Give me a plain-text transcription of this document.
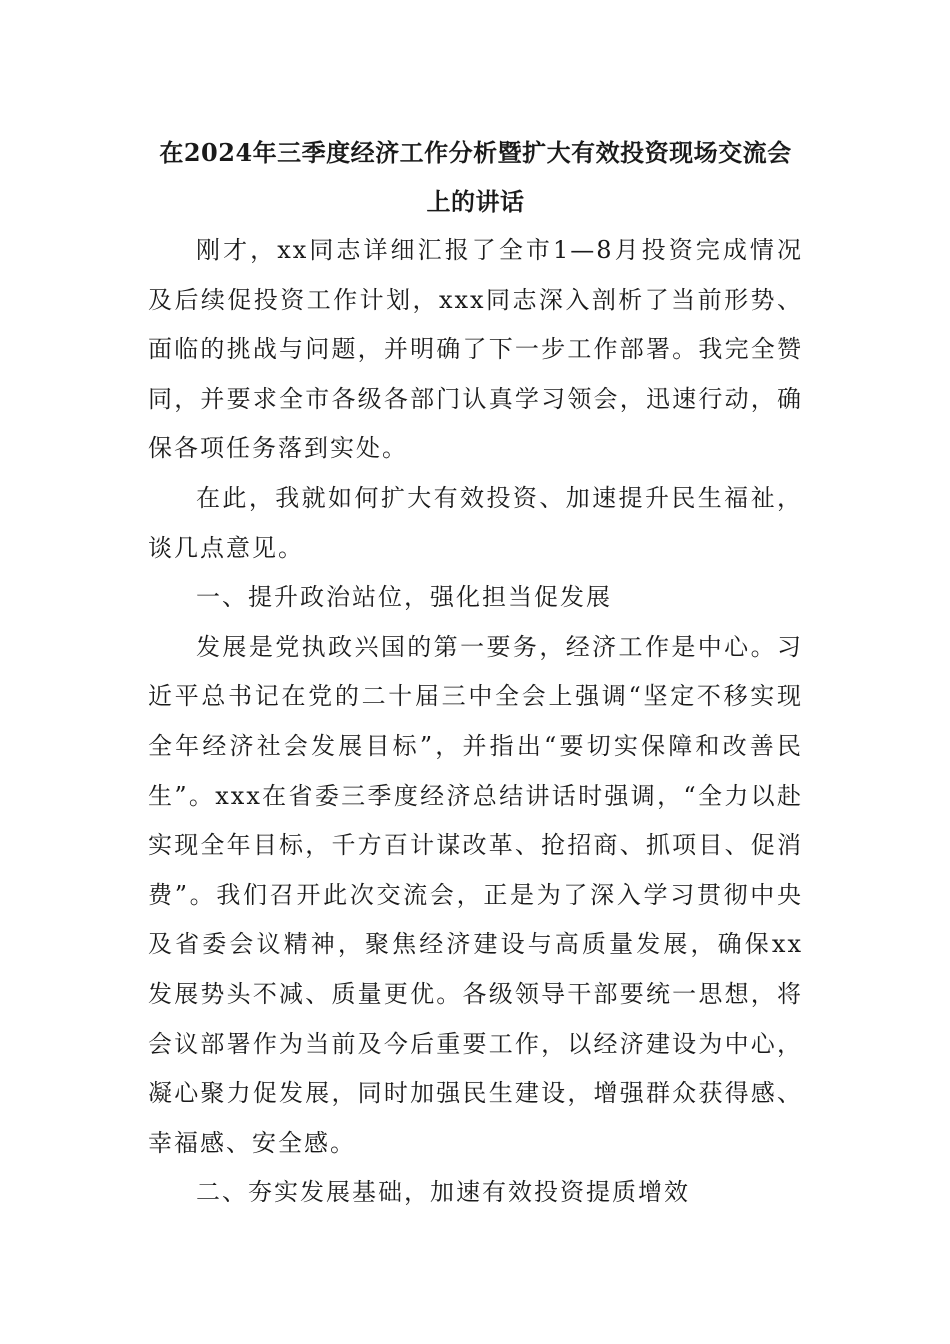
在2024年三季度经济工作分析暨扩大有效投资现场交流会上的讲话

刚才，xx同志详细汇报了全市1—8月投资完成情况及后续促投资工作计划，xxx同志深入剖析了当前形势、面临的挑战与问题，并明确了下一步工作部署。我完全赞同，并要求全市各级各部门认真学习领会，迅速行动，确保各项任务落到实处。

在此，我就如何扩大有效投资、加速提升民生福祉，谈几点意见。

一、提升政治站位，强化担当促发展

发展是党执政兴国的第一要务，经济工作是中心。习近平总书记在党的二十届三中全会上强调“坚定不移实现全年经济社会发展目标”，并指出“要切实保障和改善民生”。xxx在省委三季度经济总结讲话时强调，“全力以赴实现全年目标，千方百计谋改革、抢招商、抓项目、促消费”。我们召开此次交流会，正是为了深入学习贯彻中央及省委会议精神，聚焦经济建设与高质量发展，确保xx发展势头不减、质量更优。各级领导干部要统一思想，将会议部署作为当前及今后重要工作，以经济建设为中心，凝心聚力促发展，同时加强民生建设，增强群众获得感、幸福感、安全感。

二、夯实发展基础，加速有效投资提质增效
